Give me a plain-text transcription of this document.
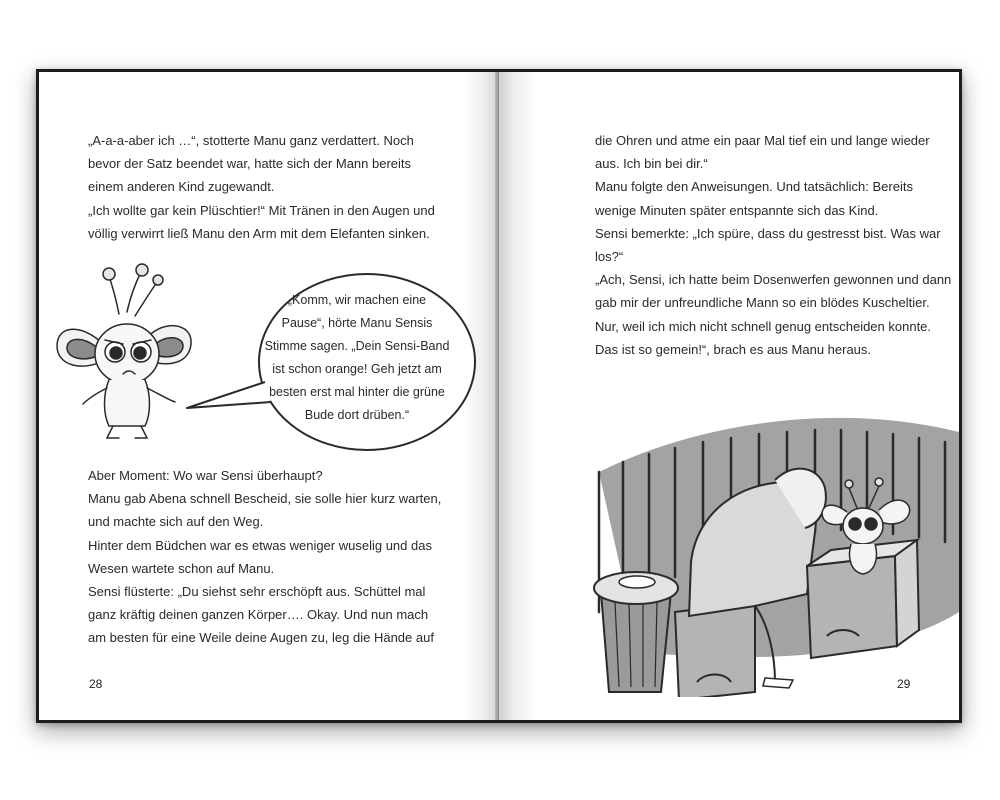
„A-a-a-aber ich …“, stotterte Manu ganz verdattert. Noch
bevor der Satz beendet war, hatte sich der Mann bereits
einem anderen Kind zugewandt.
„Ich wollte gar kein Plüschtier!“ Mit Tränen in den Augen und
völlig verwirrt ließ Manu den Arm mit dem Elefanten sinken.
„Komm, wir machen eine
Pause“, hörte Manu Sensis
Stimme sagen. „Dein Sensi-Band
ist schon orange! Geh jetzt am
besten erst mal hinter die grüne
Bude dort drüben.“
Aber Moment: Wo war Sensi überhaupt?
Manu gab Abena schnell Bescheid, sie solle hier kurz warten,
und machte sich auf den Weg.
Hinter dem Büdchen war es etwas weniger wuselig und das
Wesen wartete schon auf Manu.
Sensi flüsterte: „Du siehst sehr erschöpft aus. Schüttel mal
ganz kräftig deinen ganzen Körper…. Okay. Und nun mach
am besten für eine Weile deine Augen zu, leg die Hände auf
28
die Ohren und atme ein paar Mal tief ein und lange wieder
aus. Ich bin bei dir.“
Manu folgte den Anweisungen. Und tatsächlich: Bereits
wenige Minuten später entspannte sich das Kind.
Sensi bemerkte: „Ich spüre, dass du gestresst bist. Was war
los?“
„Ach, Sensi, ich hatte beim Dosenwerfen gewonnen und dann
gab mir der unfreundliche Mann so ein blödes Kuscheltier.
Nur, weil ich mich nicht schnell genug entscheiden konnte.
Das ist so gemein!“, brach es aus Manu heraus.
29
